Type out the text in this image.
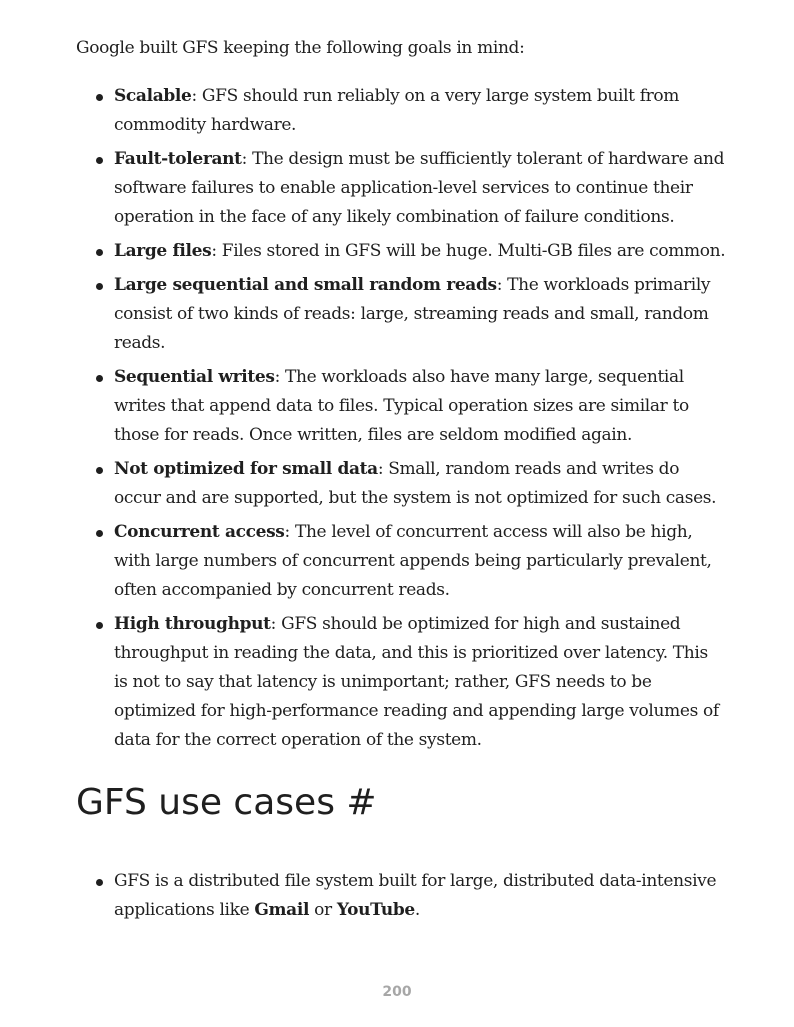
Google built GFS keeping the following goals in mind:

Scalable: GFS should run reliably on a very large system built from commodity hardware.
Fault-tolerant: The design must be sufficiently tolerant of hardware and software failures to enable application-level services to continue their operation in the face of any likely combination of failure conditions.
Large files: Files stored in GFS will be huge. Multi-GB files are common.
Large sequential and small random reads: The workloads primarily consist of two kinds of reads: large, streaming reads and small, random reads.
Sequential writes: The workloads also have many large, sequential writes that append data to files. Typical operation sizes are similar to those for reads. Once written, files are seldom modified again.
Not optimized for small data: Small, random reads and writes do occur and are supported, but the system is not optimized for such cases.
Concurrent access: The level of concurrent access will also be high, with large numbers of concurrent appends being particularly prevalent, often accompanied by concurrent reads.
High throughput: GFS should be optimized for high and sustained throughput in reading the data, and this is prioritized over latency. This is not to say that latency is unimportant; rather, GFS needs to be optimized for high-performance reading and appending large volumes of data for the correct operation of the system.
GFS use cases #
GFS is a distributed file system built for large, distributed data-intensive applications like Gmail or YouTube.
200
